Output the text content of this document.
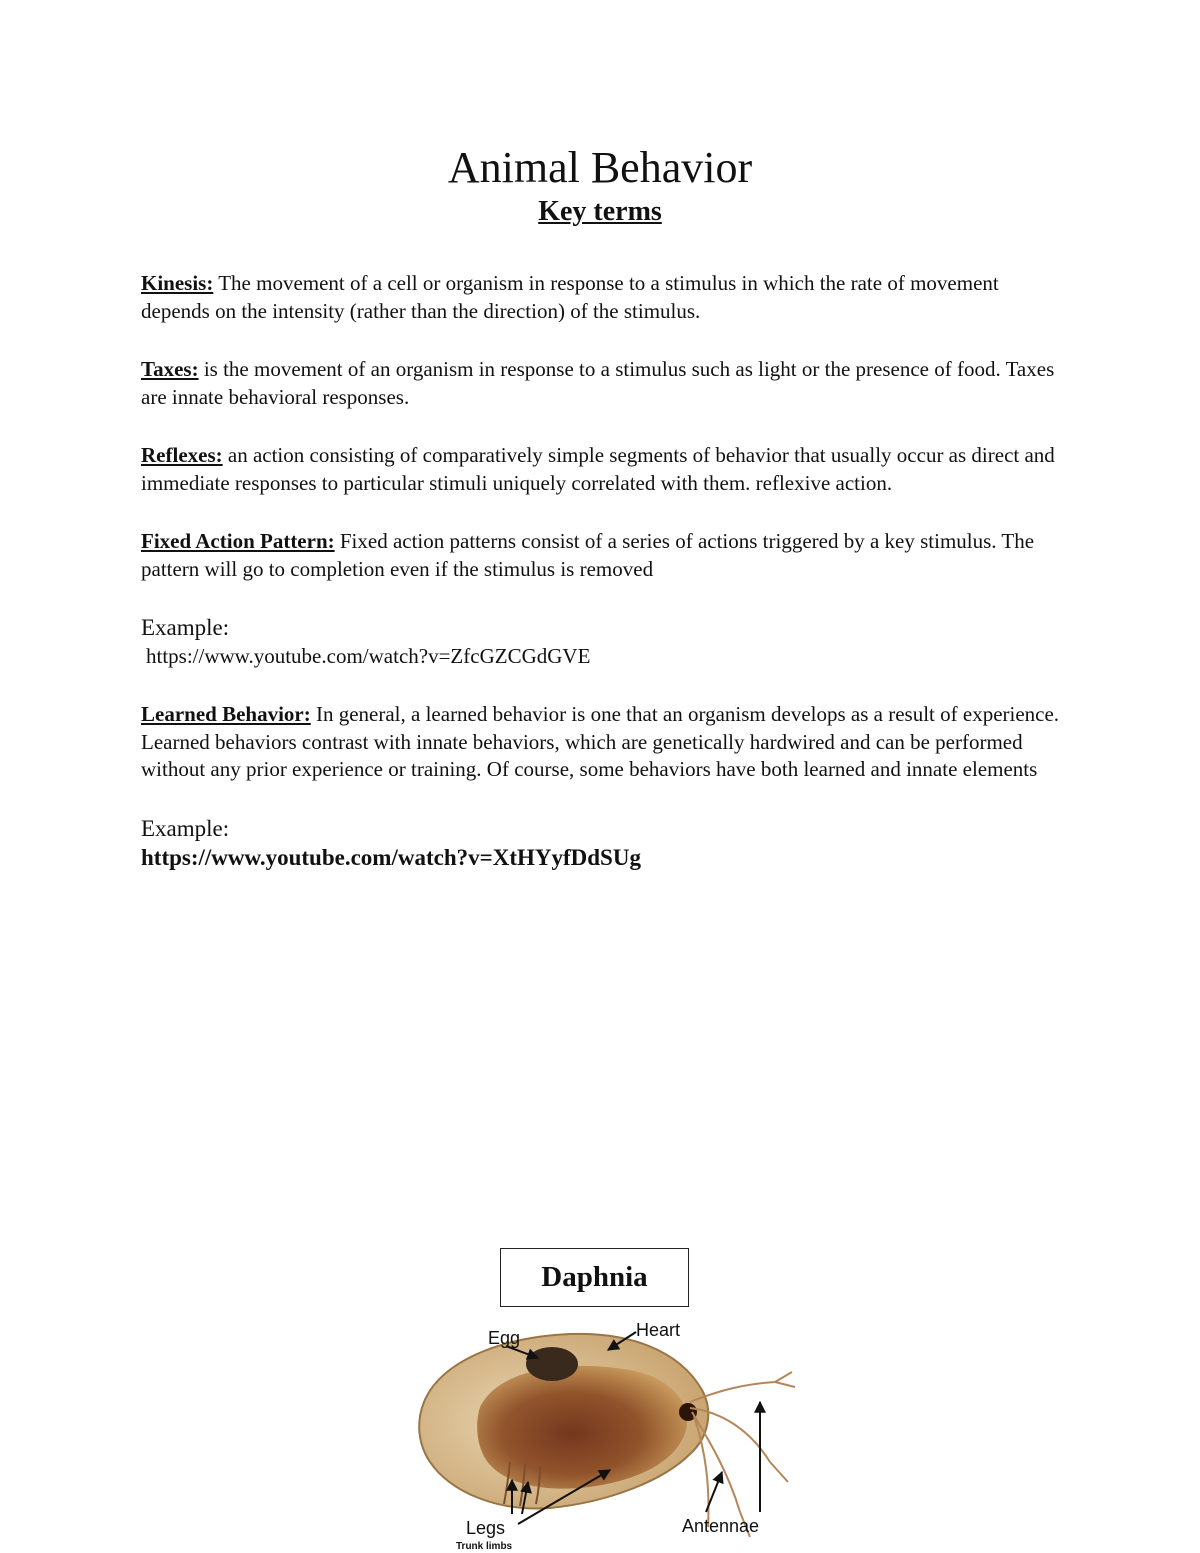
Animal Behavior
Key terms

Kinesis: The movement of a cell or organism in response to a stimulus in which the rate of movement depends on the intensity (rather than the direction) of the stimulus.

Taxes: is the movement of an organism in response to a stimulus such as light or the presence of food. Taxes are innate behavioral responses.

Reflexes: an action consisting of comparatively simple segments of behavior that usually occur as direct and immediate responses to particular stimuli uniquely correlated with them. reflexive action.

Fixed Action Pattern: Fixed action patterns consist of a series of actions triggered by a key stimulus. The pattern will go to completion even if the stimulus is removed

Example:
https://www.youtube.com/watch?v=ZfcGZCGdGVE

Learned Behavior: In general, a learned behavior is one that an organism develops as a result of experience. Learned behaviors contrast with innate behaviors, which are genetically hardwired and can be performed without any prior experience or training. Of course, some behaviors have both learned and innate elements

Example:
https://www.youtube.com/watch?v=XtHYyfDdSUg
Daphnia
Egg	Heart
Legs
Trunk limbs
Antennae
